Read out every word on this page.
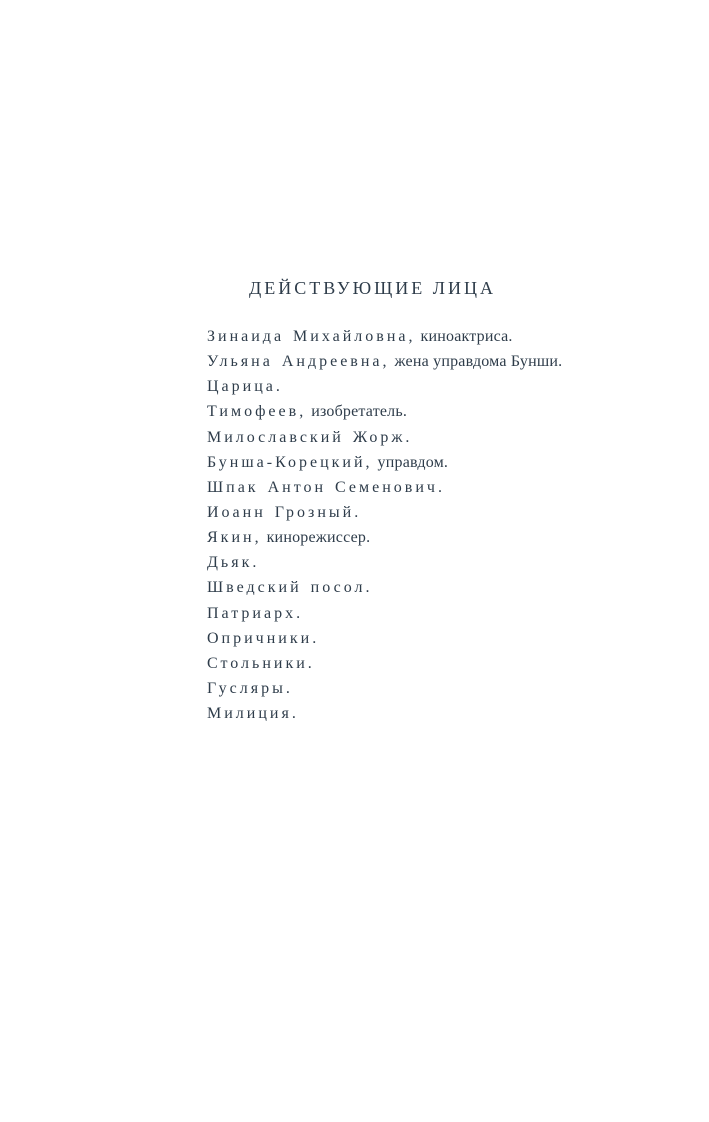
ДЕЙСТВУЮЩИЕ ЛИЦА
Зинаида Михайловна, киноактриса.
Ульяна Андреевна, жена управдома Бунши.
Царица.
Тимофеев, изобретатель.
Милославский Жорж.
Бунша-Корецкий, управдом.
Шпак Антон Семенович.
Иоанн Грозный.
Якин, кинорежиссер.
Дьяк.
Шведский посол.
Патриарх.
Опричники.
Стольники.
Гусляры.
Милиция.
